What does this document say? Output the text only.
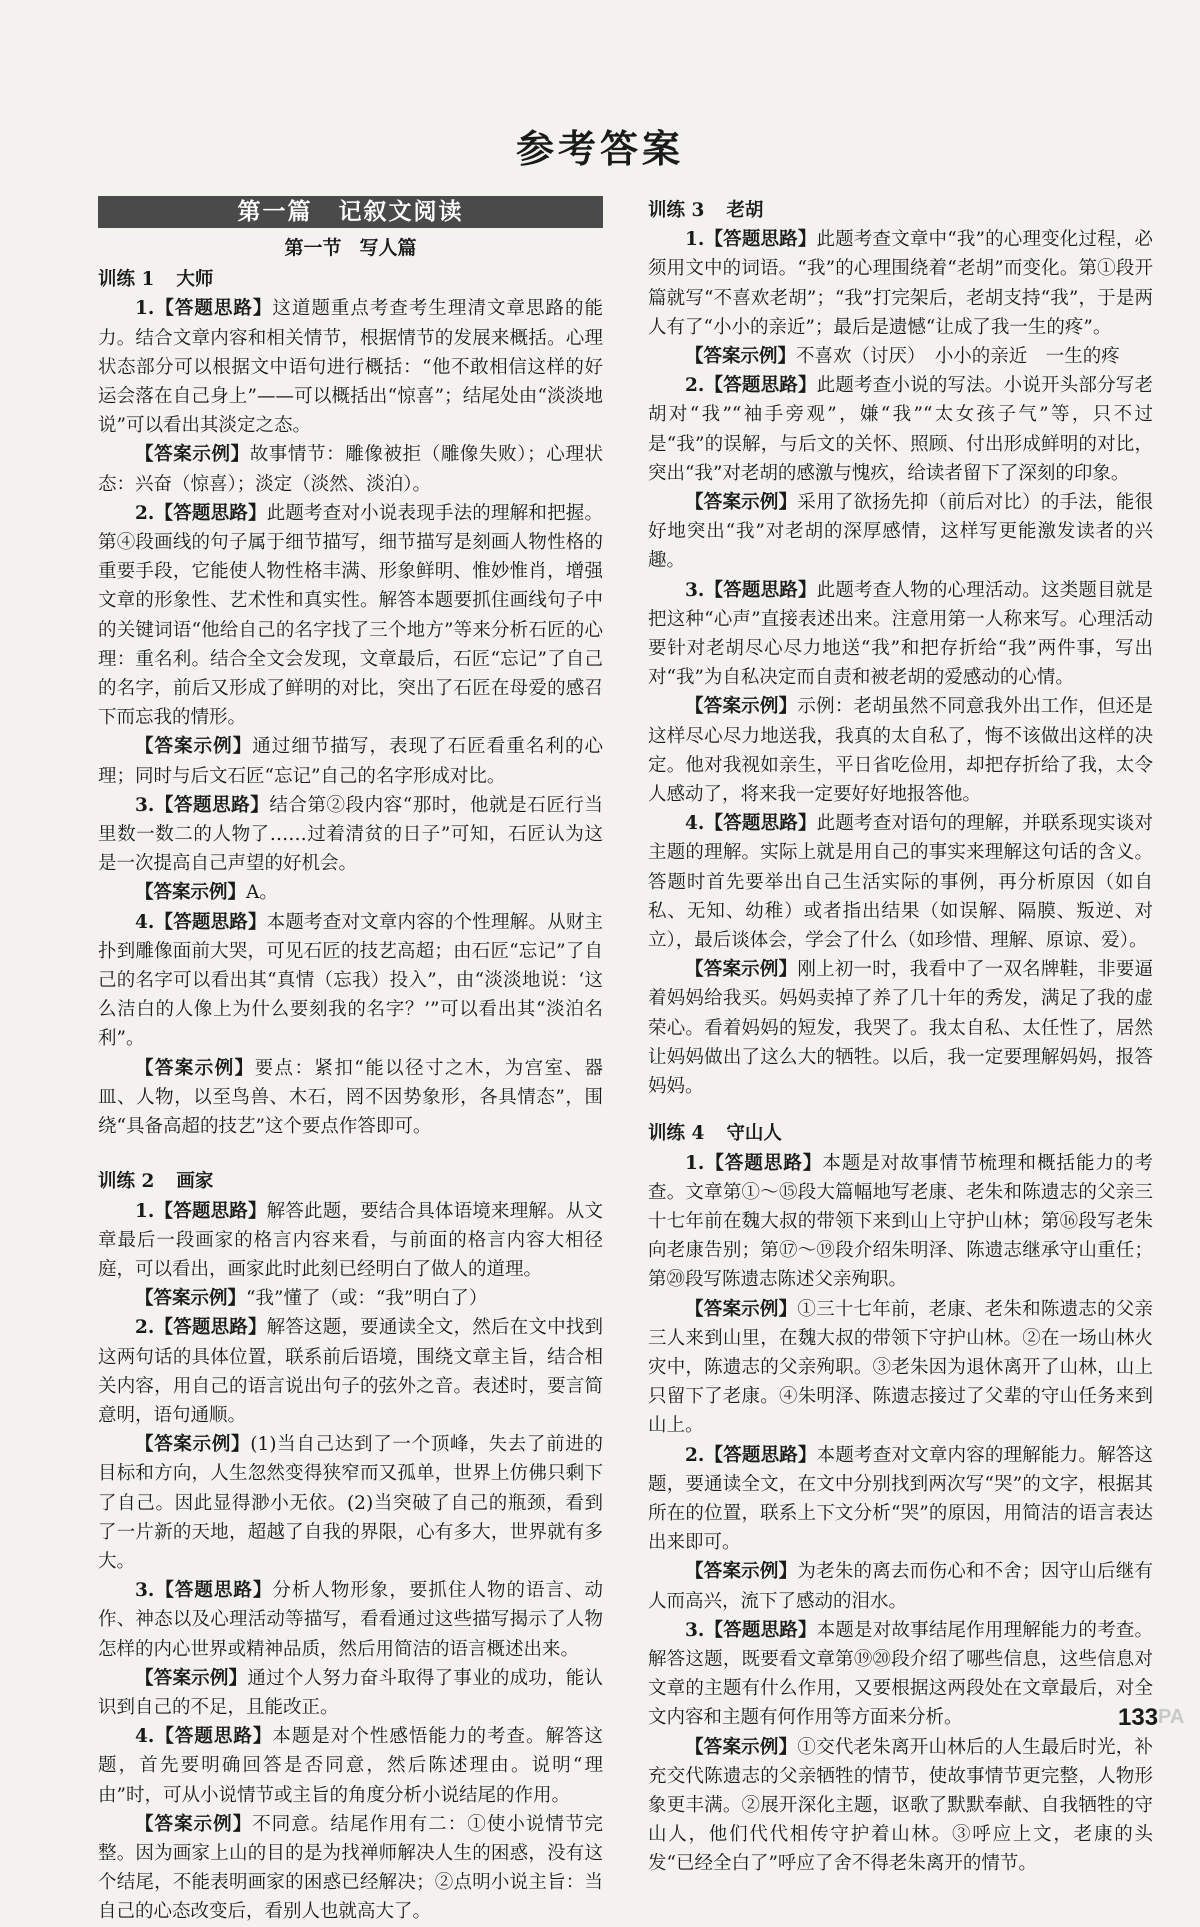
参考答案
第一篇 记叙文阅读
第一节 写人篇
训练 1 大师

1.【答题思路】这道题重点考查考生理清文章思路的能力。结合文章内容和相关情节，根据情节的发展来概括。心理状态部分可以根据文中语句进行概括：“他不敢相信这样的好运会落在自己身上”——可以概括出“惊喜”；结尾处由“淡淡地说”可以看出其淡定之态。

【答案示例】故事情节：雕像被拒（雕像失败）；心理状态：兴奋（惊喜）；淡定（淡然、淡泊）。

2.【答题思路】此题考查对小说表现手法的理解和把握。第④段画线的句子属于细节描写，细节描写是刻画人物性格的重要手段，它能使人物性格丰满、形象鲜明、惟妙惟肖，增强文章的形象性、艺术性和真实性。解答本题要抓住画线句子中的关键词语“他给自己的名字找了三个地方”等来分析石匠的心理：重名利。结合全文会发现，文章最后，石匠“忘记”了自己的名字，前后又形成了鲜明的对比，突出了石匠在母爱的感召下而忘我的情形。

【答案示例】通过细节描写，表现了石匠看重名利的心理；同时与后文石匠“忘记”自己的名字形成对比。

3.【答题思路】结合第②段内容“那时，他就是石匠行当里数一数二的人物了……过着清贫的日子”可知，石匠认为这是一次提高自己声望的好机会。

【答案示例】A。

4.【答题思路】本题考查对文章内容的个性理解。从财主扑到雕像面前大哭，可见石匠的技艺高超；由石匠“忘记”了自己的名字可以看出其“真情（忘我）投入”，由“淡淡地说：‘这么洁白的人像上为什么要刻我的名字？’”可以看出其“淡泊名利”。

【答案示例】要点：紧扣“能以径寸之木，为宫室、器皿、人物，以至鸟兽、木石，罔不因势象形，各具情态”，围绕“具备高超的技艺”这个要点作答即可。

训练 2 画家

1.【答题思路】解答此题，要结合具体语境来理解。从文章最后一段画家的格言内容来看，与前面的格言内容大相径庭，可以看出，画家此时此刻已经明白了做人的道理。

【答案示例】“我”懂了（或：“我”明白了）

2.【答题思路】解答这题，要通读全文，然后在文中找到这两句话的具体位置，联系前后语境，围绕文章主旨，结合相关内容，用自己的语言说出句子的弦外之音。表述时，要言简意明，语句通顺。

【答案示例】(1)当自己达到了一个顶峰，失去了前进的目标和方向，人生忽然变得狭窄而又孤单，世界上仿佛只剩下了自己。因此显得渺小无依。(2)当突破了自己的瓶颈，看到了一片新的天地，超越了自我的界限，心有多大，世界就有多大。

3.【答题思路】分析人物形象，要抓住人物的语言、动作、神态以及心理活动等描写，看看通过这些描写揭示了人物怎样的内心世界或精神品质，然后用简洁的语言概述出来。

【答案示例】通过个人努力奋斗取得了事业的成功，能认识到自己的不足，且能改正。

4.【答题思路】本题是对个性感悟能力的考查。解答这题，首先要明确回答是否同意，然后陈述理由。说明“理由”时，可从小说情节或主旨的角度分析小说结尾的作用。

【答案示例】不同意。结尾作用有二：①使小说情节完整。因为画家上山的目的是为找禅师解决人生的困惑，没有这个结尾，不能表明画家的困惑已经解决；②点明小说主旨：当自己的心态改变后，看别人也就高大了。

训练 3 老胡

1.【答题思路】此题考查文章中“我”的心理变化过程，必须用文中的词语。“我”的心理围绕着“老胡”而变化。第①段开篇就写“不喜欢老胡”；“我”打完架后，老胡支持“我”，于是两人有了“小小的亲近”；最后是遗憾“让成了我一生的疼”。

【答案示例】不喜欢（讨厌）　小小的亲近　一生的疼

2.【答题思路】此题考查小说的写法。小说开头部分写老胡对“我”“袖手旁观”，嫌“我”“太女孩子气”等，只不过是“我”的误解，与后文的关怀、照顾、付出形成鲜明的对比，突出“我”对老胡的感激与愧疚，给读者留下了深刻的印象。

【答案示例】采用了欲扬先抑（前后对比）的手法，能很好地突出“我”对老胡的深厚感情，这样写更能激发读者的兴趣。

3.【答题思路】此题考查人物的心理活动。这类题目就是把这种“心声”直接表述出来。注意用第一人称来写。心理活动要针对老胡尽心尽力地送“我”和把存折给“我”两件事，写出对“我”为自私决定而自责和被老胡的爱感动的心情。

【答案示例】示例：老胡虽然不同意我外出工作，但还是这样尽心尽力地送我，我真的太自私了，悔不该做出这样的决定。他对我视如亲生，平日省吃俭用，却把存折给了我，太令人感动了，将来我一定要好好地报答他。

4.【答题思路】此题考查对语句的理解，并联系现实谈对主题的理解。实际上就是用自己的事实来理解这句话的含义。答题时首先要举出自己生活实际的事例，再分析原因（如自私、无知、幼稚）或者指出结果（如误解、隔膜、叛逆、对立），最后谈体会，学会了什么（如珍惜、理解、原谅、爱）。

【答案示例】刚上初一时，我看中了一双名牌鞋，非要逼着妈妈给我买。妈妈卖掉了养了几十年的秀发，满足了我的虚荣心。看着妈妈的短发，我哭了。我太自私、太任性了，居然让妈妈做出了这么大的牺牲。以后，我一定要理解妈妈，报答妈妈。

训练 4 守山人

1.【答题思路】本题是对故事情节梳理和概括能力的考查。文章第①～⑮段大篇幅地写老康、老朱和陈遗志的父亲三十七年前在魏大叔的带领下来到山上守护山林；第⑯段写老朱向老康告别；第⑰～⑲段介绍朱明泽、陈遗志继承守山重任；第⑳段写陈遗志陈述父亲殉职。

【答案示例】①三十七年前，老康、老朱和陈遗志的父亲三人来到山里，在魏大叔的带领下守护山林。②在一场山林火灾中，陈遗志的父亲殉职。③老朱因为退休离开了山林，山上只留下了老康。④朱明泽、陈遗志接过了父辈的守山任务来到山上。

2.【答题思路】本题考查对文章内容的理解能力。解答这题，要通读全文，在文中分别找到两次写“哭”的文字，根据其所在的位置，联系上下文分析“哭”的原因，用简洁的语言表达出来即可。

【答案示例】为老朱的离去而伤心和不舍；因守山后继有人而高兴，流下了感动的泪水。

3.【答题思路】本题是对故事结尾作用理解能力的考查。解答这题，既要看文章第⑲⑳段介绍了哪些信息，这些信息对文章的主题有什么作用，又要根据这两段处在文章最后，对全文内容和主题有何作用等方面来分析。

【答案示例】①交代老朱离开山林后的人生最后时光，补充交代陈遗志的父亲牺牲的情节，使故事情节更完整，人物形象更丰满。②展开深化主题，讴歌了默默奉献、自我牺牲的守山人，他们代代相传守护着山林。③呼应上文，老康的头发“已经全白了”呼应了舍不得老朱离开的情节。

133 PA
